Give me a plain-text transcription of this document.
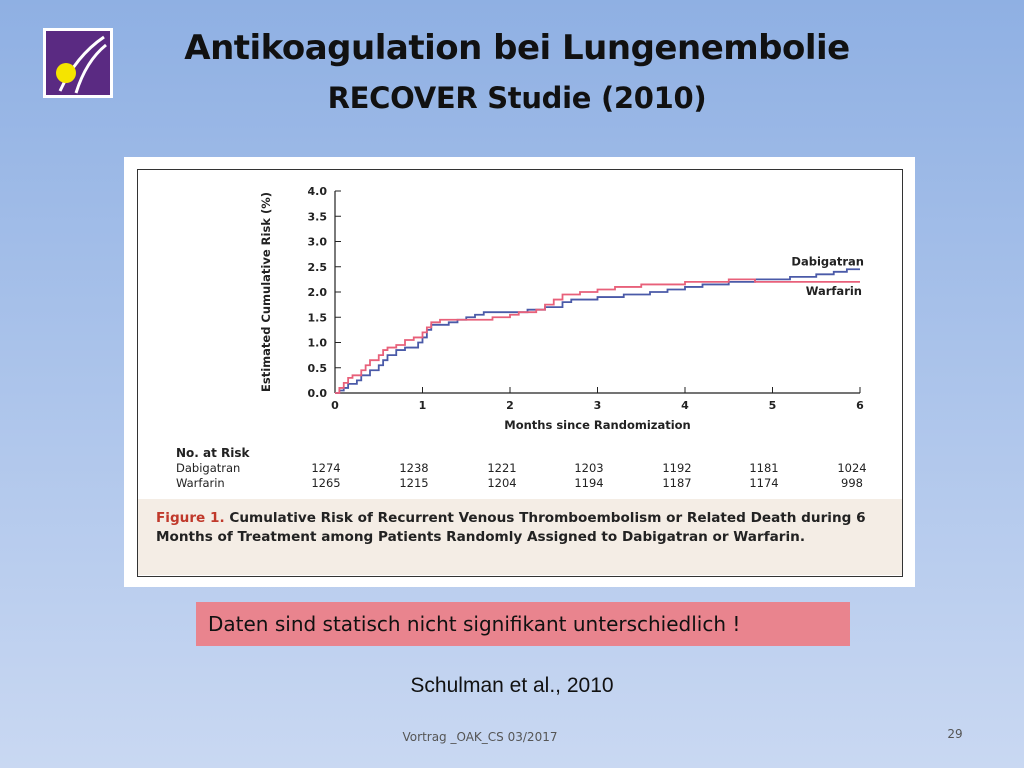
Antikoagulation bei Lungenembolie
RECOVER Studie (2010)
0.0
0.5
1.0
1.5
2.0
2.5
3.0
3.5
4.0
0	1	2	3	4	5	6
Months since Randomization
Estimated Cumulative Risk (%)	Dabigatran
Warfarin
No. at Risk
Dabigatran	1274	1238	1221	1203	1192	1181	1024
Warfarin	1265	1215	1204	1194	1187	1174	998
Figure 1. Cumulative Risk of Recurrent Venous Thromboembolism or Related Death during 6 Months of Treatment among Patients Randomly Assigned to Dabigatran or Warfarin.
Daten sind statisch nicht signifikant unterschiedlich !
Schulman et al., 2010
Vortrag _OAK_CS 03/2017	29
